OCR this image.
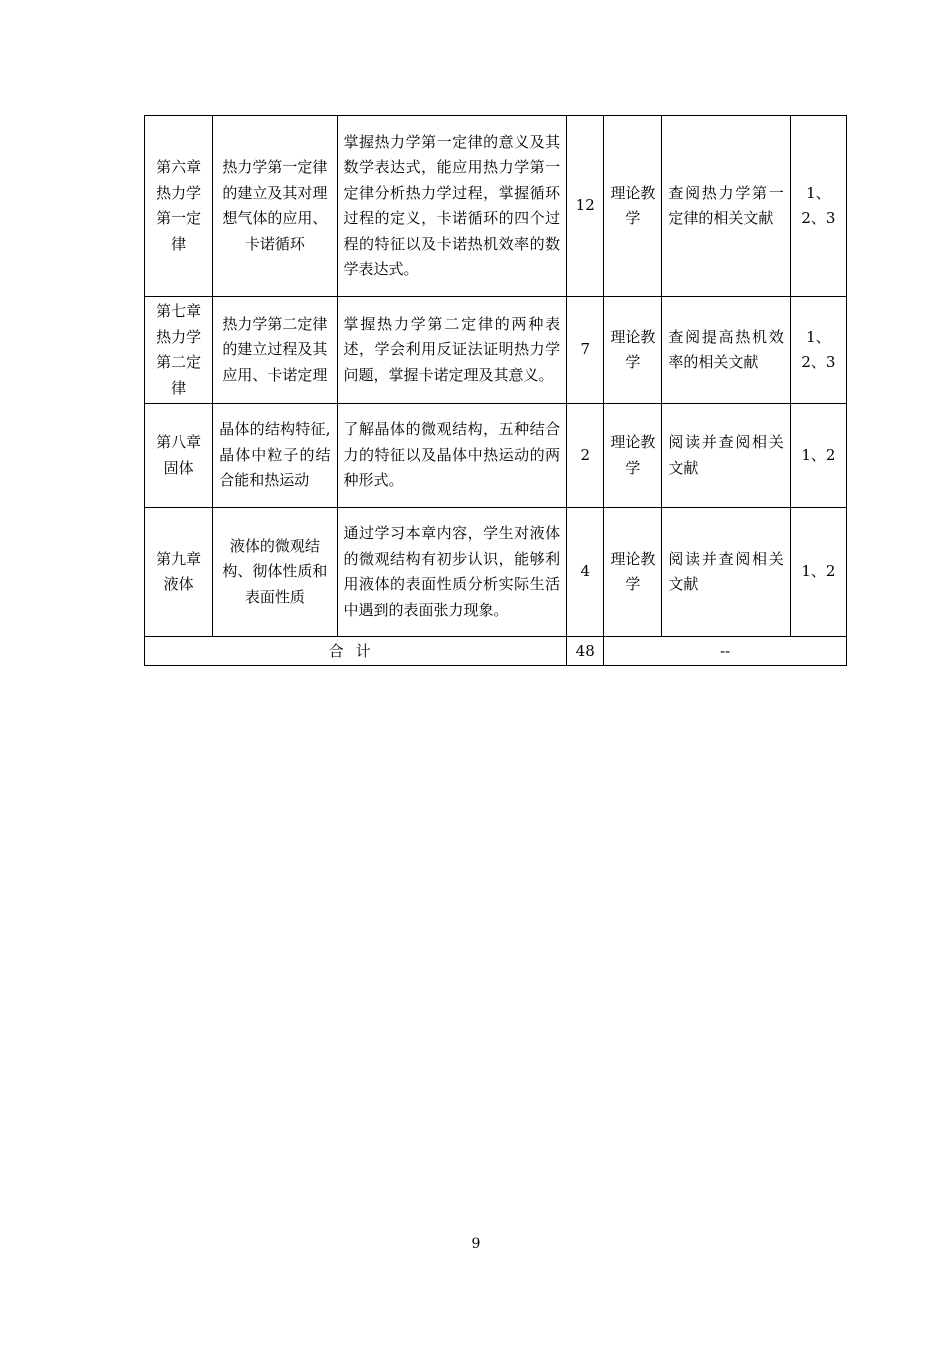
第六章热力学第一定律	热力学第一定律的建立及其对理想气体的应用、卡诺循环	掌握热力学第一定律的意义及其数学表达式，能应用热力学第一定律分析热力学过程，掌握循环过程的定义，卡诺循环的四个过程的特征以及卡诺热机效率的数学表达式。	12	理论教学	查阅热力学第一定律的相关文献	1、2、3
第七章热力学第二定律	热力学第二定律的建立过程及其应用、卡诺定理	掌握热力学第二定律的两种表述，学会利用反证法证明热力学问题，掌握卡诺定理及其意义。	7	理论教学	查阅提高热机效率的相关文献	1、2、3
第八章固体	晶体的结构特征,晶体中粒子的结合能和热运动	了解晶体的微观结构，五种结合力的特征以及晶体中热运动的两种形式。	2	理论教学	阅读并查阅相关文献	1、2
第九章液体	液体的微观结构、彻体性质和表面性质	通过学习本章内容，学生对液体的微观结构有初步认识，能够利用液体的表面性质分析实际生活中遇到的表面张力现象。	4	理论教学	阅读并查阅相关文献	1、2
合计			48	--		
9
